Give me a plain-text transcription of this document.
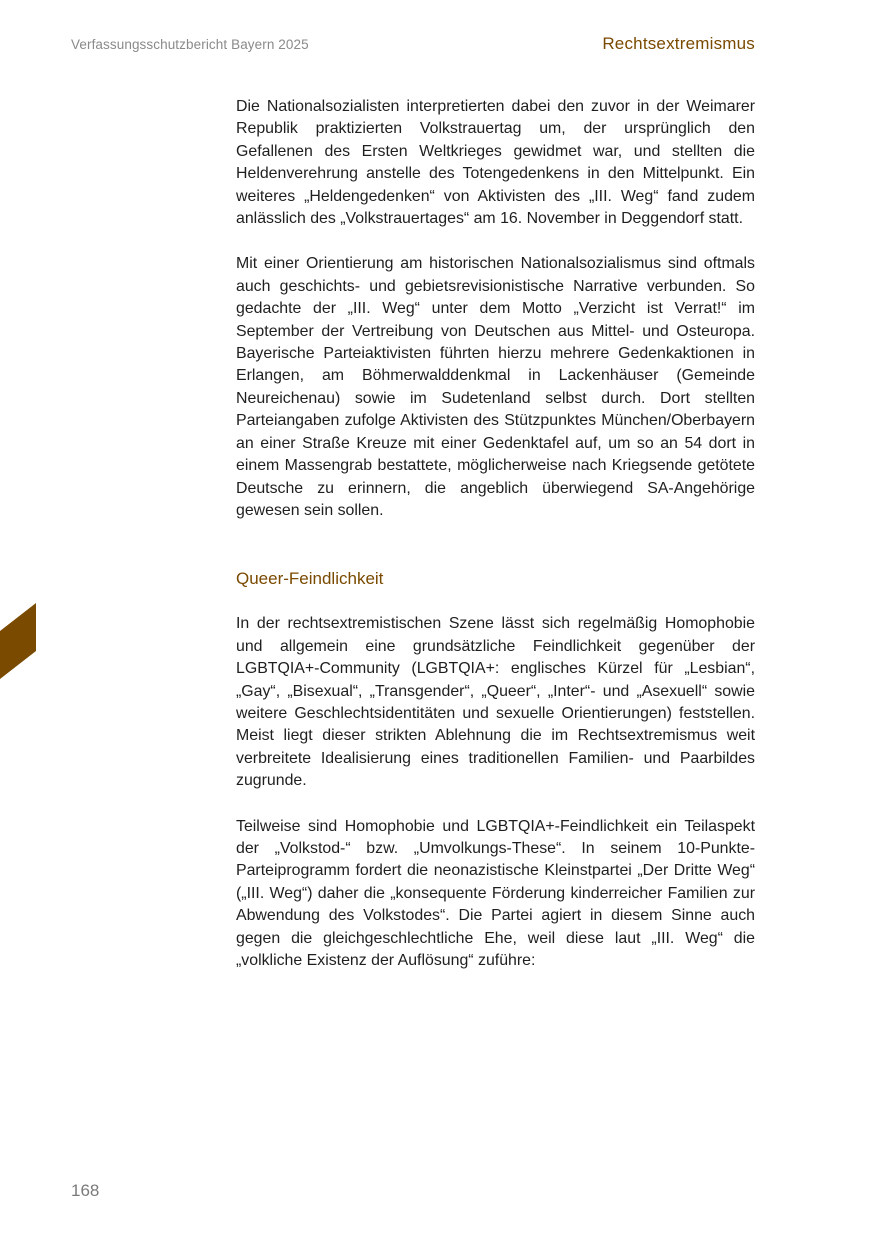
Verfassungsschutzbericht Bayern 2025	Rechtsextremismus

Die Nationalsozialisten interpretierten dabei den zuvor in der Weimarer Republik praktizierten Volkstrauertag um, der ursprünglich den Gefallenen des Ersten Weltkrieges gewidmet war, und stellten die Heldenverehrung anstelle des Totengedenkens in den Mittelpunkt. Ein weiteres „Heldengedenken“ von Aktivisten des „III. Weg“ fand zudem anlässlich des „Volkstrauertages“ am 16. November in Deggendorf statt.

Mit einer Orientierung am historischen Nationalsozialismus sind oftmals auch geschichts- und gebietsrevisionistische Narrative verbunden. So gedachte der „III. Weg“ unter dem Motto „Verzicht ist Verrat!“ im September der Vertreibung von Deutschen aus Mittel- und Osteuropa. Bayerische Parteiaktivisten führten hierzu mehrere Gedenkaktionen in Erlangen, am Böhmerwalddenkmal in Lackenhäuser (Gemeinde Neureichenau) sowie im Sudetenland selbst durch. Dort stellten Parteiangaben zufolge Aktivisten des Stützpunktes München/Oberbayern an einer Straße Kreuze mit einer Gedenktafel auf, um so an 54 dort in einem Massengrab bestattete, möglicherweise nach Kriegsende getötete Deutsche zu erinnern, die angeblich überwiegend SA-Angehörige gewesen sein sollen.

Queer-Feindlichkeit

In der rechtsextremistischen Szene lässt sich regelmäßig Homophobie und allgemein eine grundsätzliche Feindlichkeit gegenüber der LGBTQIA+-Community (LGBTQIA+: englisches Kürzel für „Lesbian“, „Gay“, „Bisexual“, „Transgender“, „Queer“, „Inter“- und „Asexuell“ sowie weitere Geschlechtsidentitäten und sexuelle Orientierungen) feststellen. Meist liegt dieser strikten Ablehnung die im Rechtsextremismus weit verbreitete Idealisierung eines traditionellen Familien- und Paarbildes zugrunde.

Teilweise sind Homophobie und LGBTQIA+-Feindlichkeit ein Teilaspekt der „Volkstod-“ bzw. „Umvolkungs-These“. In seinem 10-Punkte-Parteiprogramm fordert die neonazistische Kleinstpartei „Der Dritte Weg“ („III. Weg“) daher die „konsequente Förderung kinderreicher Familien zur Abwendung des Volkstodes“. Die Partei agiert in diesem Sinne auch gegen die gleichgeschlechtliche Ehe, weil diese laut „III. Weg“ die „volkliche Existenz der Auflösung“ zuführe:

168
